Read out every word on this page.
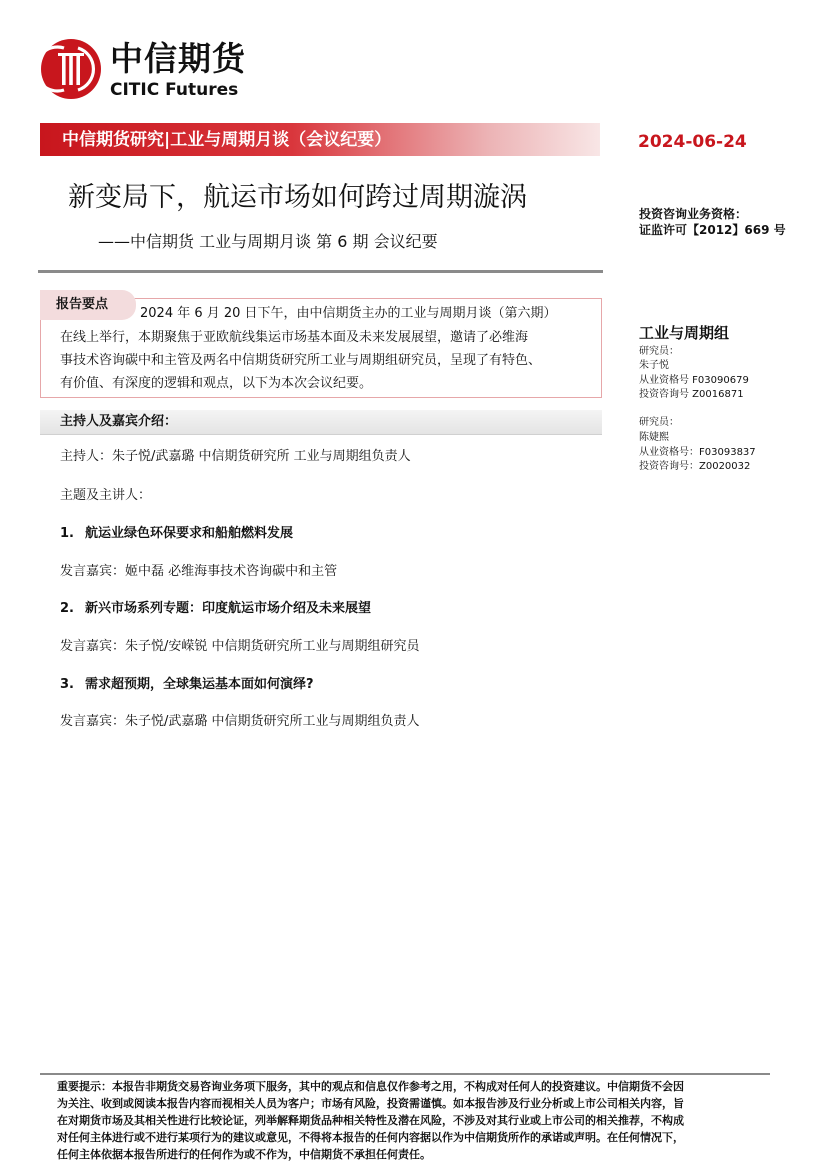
中信期货
CITIC Futures
中信期货研究|工业与周期月谈（会议纪要）	2024-06-24
新变局下，航运市场如何跨过周期漩涡
——中信期货 工业与周期月谈 第 6 期 会议纪要
投资咨询业务资格：
证监许可【2012】669 号
工业与周期组
研究员：
朱子悦
从业资格号 F03090679
投资咨询号 Z0016871
研究员：
陈婕熙
从业资格号：F03093837
投资咨询号：Z0020032
报告要点
2024 年 6 月 20 日下午，由中信期货主办的工业与周期月谈（第六期）
在线上举行，本期聚焦于亚欧航线集运市场基本面及未来发展展望，邀请了必维海
事技术咨询碳中和主管及两名中信期货研究所工业与周期组研究员，呈现了有特色、
有价值、有深度的逻辑和观点，以下为本次会议纪要。
主持人及嘉宾介绍：
主持人：朱子悦/武嘉璐 中信期货研究所 工业与周期组负责人
主题及主讲人：
1. 航运业绿色环保要求和船舶燃料发展
发言嘉宾：姬中磊 必维海事技术咨询碳中和主管
2. 新兴市场系列专题：印度航运市场介绍及未来展望
发言嘉宾：朱子悦/安嵘锐 中信期货研究所工业与周期组研究员
3. 需求超预期，全球集运基本面如何演绎?
发言嘉宾：朱子悦/武嘉璐 中信期货研究所工业与周期组负责人
重要提示：本报告非期货交易咨询业务项下服务，其中的观点和信息仅作参考之用，不构成对任何人的投资建议。中信期货不会因
为关注、收到或阅读本报告内容而视相关人员为客户；市场有风险，投资需谨慎。如本报告涉及行业分析或上市公司相关内容，旨
在对期货市场及其相关性进行比较论证，列举解释期货品种相关特性及潜在风险，不涉及对其行业或上市公司的相关推荐，不构成
对任何主体进行或不进行某项行为的建议或意见，不得将本报告的任何内容据以作为中信期货所作的承诺或声明。在任何情况下，
任何主体依据本报告所进行的任何作为或不作为，中信期货不承担任何责任。
